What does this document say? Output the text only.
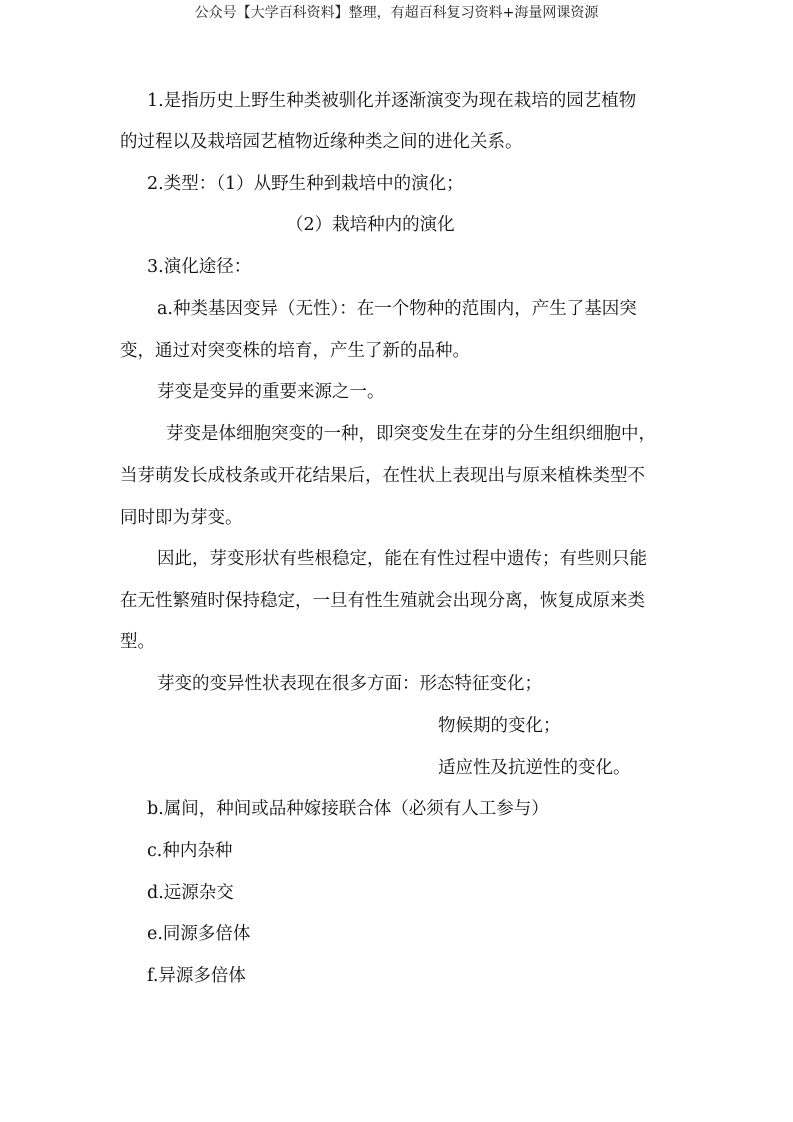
公众号【大学百科资料】整理，有超百科复习资料+海量网课资源
1.是指历史上野生种类被驯化并逐渐演变为现在栽培的园艺植物
的过程以及栽培园艺植物近缘种类之间的进化关系。
2.类型：（1）从野生种到栽培中的演化；
（2）栽培种内的演化
3.演化途径：
a.种类基因变异（无性）：在一个物种的范围内，产生了基因突
变，通过对突变株的培育，产生了新的品种。
芽变是变异的重要来源之一。
芽变是体细胞突变的一种，即突变发生在芽的分生组织细胞中，
当芽萌发长成枝条或开花结果后，在性状上表现出与原来植株类型不
同时即为芽变。
因此，芽变形状有些根稳定，能在有性过程中遗传；有些则只能
在无性繁殖时保持稳定，一旦有性生殖就会出现分离，恢复成原来类
型。
芽变的变异性状表现在很多方面：形态特征变化；
物候期的变化；
适应性及抗逆性的变化。
b.属间，种间或品种嫁接联合体（必须有人工参与）
c.种内杂种
d.远源杂交
e.同源多倍体
f.异源多倍体
